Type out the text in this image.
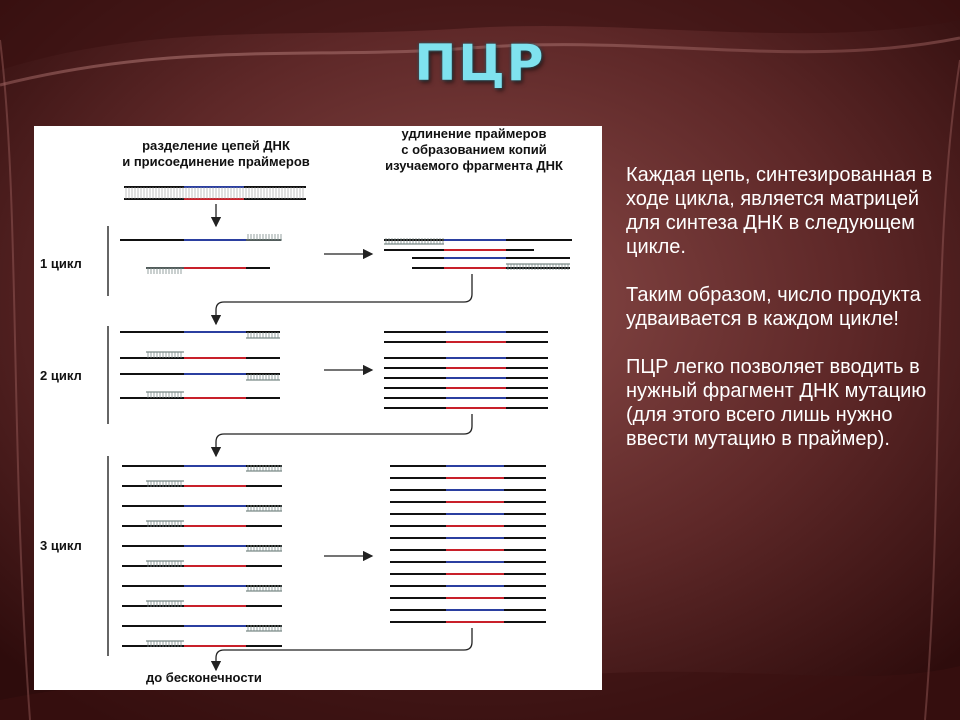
ПЦР
разделение цепей ДНК
и присоединение праймеров
удлинение праймеров
с образованием копий
изучаемого фрагмента ДНК
1 цикл
2 цикл
3 цикл
до бесконечности

Каждая цепь, синтезированная в ходе цикла, является матрицей для синтеза ДНК в следующем цикле.

Таким образом, число продукта удваивается в каждом цикле!

ПЦР легко позволяет вводить в нужный фрагмент ДНК мутацию (для этого всего лишь нужно ввести мутацию в праймер).
